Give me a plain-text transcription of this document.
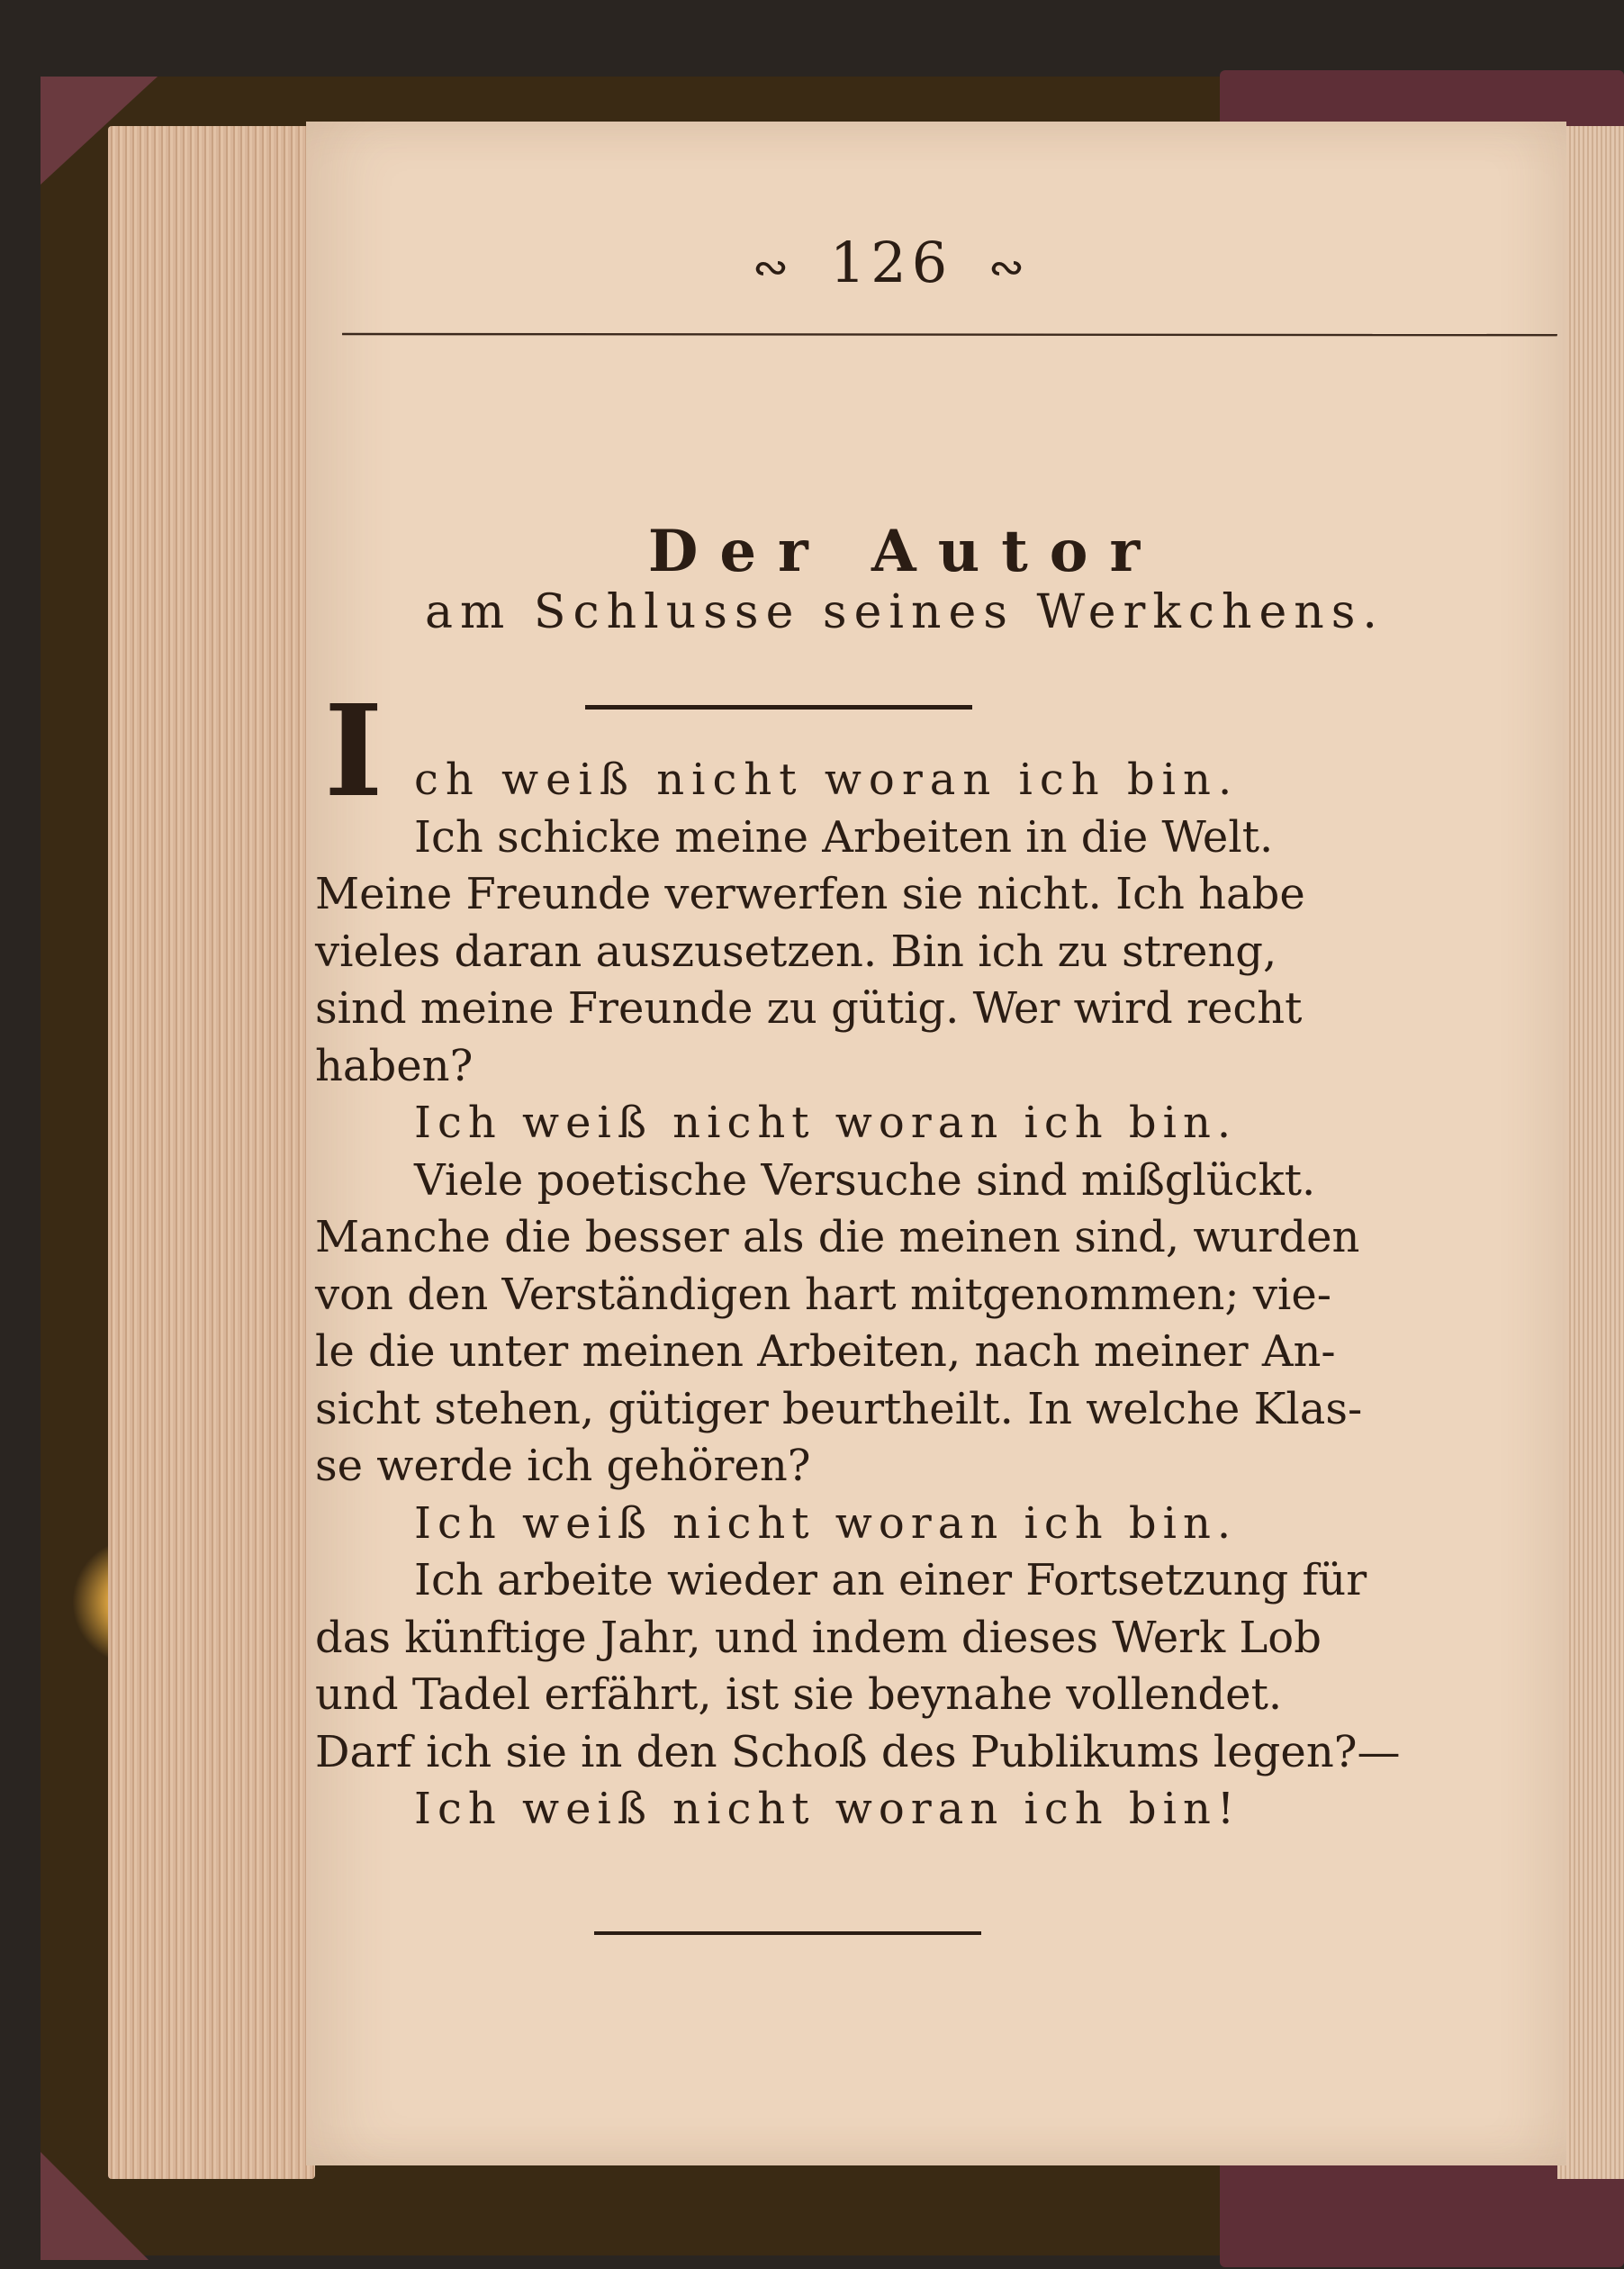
∾ 126 ∾
Der Autor
am Schlusse seines Werkchens.
I ch weiß nicht woran ich bin.
Ich schicke meine Arbeiten in die Welt.
Meine Freunde verwerfen sie nicht. Ich habe
vieles daran auszusetzen. Bin ich zu streng,
sind meine Freunde zu gütig. Wer wird recht
haben?
Ich weiß nicht woran ich bin.
Viele poetische Versuche sind mißglückt.
Manche die besser als die meinen sind, wurden
von den Verständigen hart mitgenommen; vie-
le die unter meinen Arbeiten, nach meiner An-
sicht stehen, gütiger beurtheilt. In welche Klas-
se werde ich gehören?
Ich weiß nicht woran ich bin.
Ich arbeite wieder an einer Fortsetzung für
das künftige Jahr, und indem dieses Werk Lob
und Tadel erfährt, ist sie beynahe vollendet.
Darf ich sie in den Schoß des Publikums legen?—
Ich weiß nicht woran ich bin!
